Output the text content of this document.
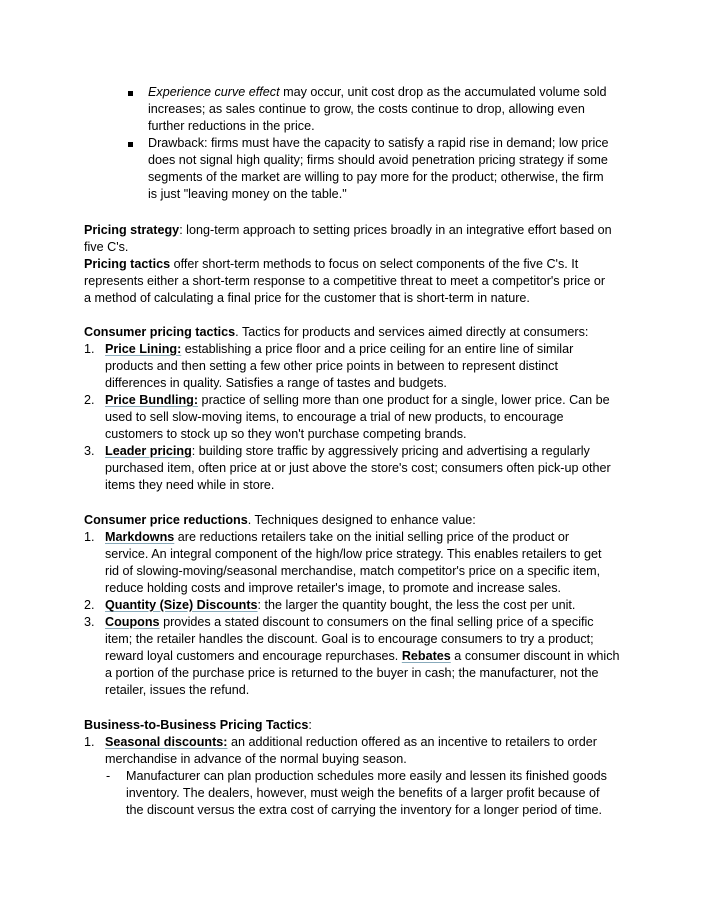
Experience curve effect may occur, unit cost drop as the accumulated volume sold
increases; as sales continue to grow, the costs continue to drop, allowing even
further reductions in the price.
Drawback: firms must have the capacity to satisfy a rapid rise in demand; low price
does not signal high quality; firms should avoid penetration pricing strategy if some
segments of the market are willing to pay more for the product; otherwise, the firm
is just "leaving money on the table."
Pricing strategy: long-term approach to setting prices broadly in an integrative effort based on
five C's.
Pricing tactics offer short-term methods to focus on select components of the five C's. It
represents either a short-term response to a competitive threat to meet a competitor's price or
a method of calculating a final price for the customer that is short-term in nature.
Consumer pricing tactics. Tactics for products and services aimed directly at consumers:
1. Price Lining: establishing a price floor and a price ceiling for an entire line of similar
products and then setting a few other price points in between to represent distinct
differences in quality. Satisfies a range of tastes and budgets.
2. Price Bundling: practice of selling more than one product for a single, lower price. Can be
used to sell slow-moving items, to encourage a trial of new products, to encourage
customers to stock up so they won't purchase competing brands.
3. Leader pricing: building store traffic by aggressively pricing and advertising a regularly
purchased item, often price at or just above the store's cost; consumers often pick-up other
items they need while in store.
Consumer price reductions. Techniques designed to enhance value:
1. Markdowns are reductions retailers take on the initial selling price of the product or
service. An integral component of the high/low price strategy. This enables retailers to get
rid of slowing-moving/seasonal merchandise, match competitor's price on a specific item,
reduce holding costs and improve retailer's image, to promote and increase sales.
2. Quantity (Size) Discounts: the larger the quantity bought, the less the cost per unit.
3. Coupons provides a stated discount to consumers on the final selling price of a specific
item; the retailer handles the discount. Goal is to encourage consumers to try a product;
reward loyal customers and encourage repurchases. Rebates a consumer discount in which
a portion of the purchase price is returned to the buyer in cash; the manufacturer, not the
retailer, issues the refund.
Business-to-Business Pricing Tactics:
1. Seasonal discounts: an additional reduction offered as an incentive to retailers to order
merchandise in advance of the normal buying season.
- Manufacturer can plan production schedules more easily and lessen its finished goods
inventory. The dealers, however, must weigh the benefits of a larger profit because of
the discount versus the extra cost of carrying the inventory for a longer period of time.
